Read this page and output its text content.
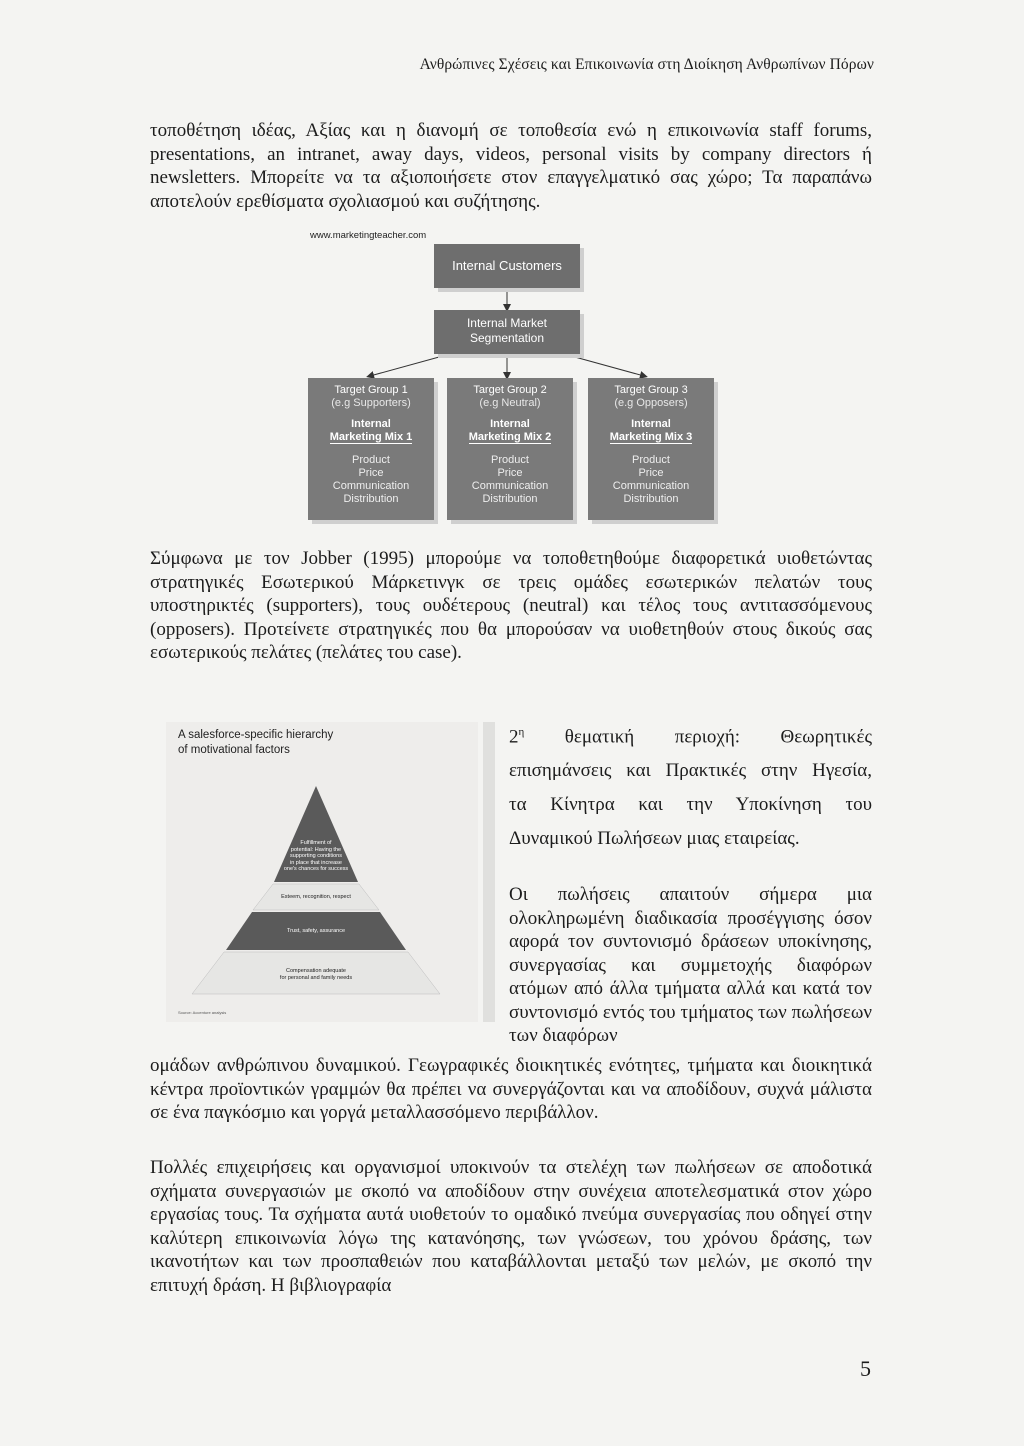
Ανθρώπινες Σχέσεις και Επικοινωνία στη Διοίκηση Ανθρωπίνων Πόρων

τοποθέτηση ιδέας, Αξίας και η διανομή σε τοποθεσία ενώ η επικοινωνία staff forums, presentations, an intranet, away days, videos, personal visits by company directors ή newsletters. Μπορείτε να τα αξιοποιήσετε στον επαγγελματικό σας χώρο; Τα παραπάνω αποτελούν ερεθίσματα σχολιασμού και συζήτησης.

www.marketingteacher.com
Internal Customers
Internal Market
Segmentation
Target Group 1
(e.g Supporters)
Internal
Marketing Mix 1
Product
Price
Communication
Distribution
Target Group 2
(e.g Neutral)
Internal
Marketing Mix 2
Product
Price
Communication
Distribution
Target Group 3
(e.g Opposers)
Internal
Marketing Mix 3
Product
Price
Communication
Distribution

Σύμφωνα με τον Jobber (1995) μπορούμε να τοποθετηθούμε διαφορετικά υιοθετώντας στρατηγικές Εσωτερικού Μάρκετινγκ σε τρεις ομάδες εσωτερικών πελατών τους υποστηρικτές (supporters), τους ουδέτερους (neutral) και τέλος τους αντιτασσόμενους (opposers). Προτείνετε στρατηγικές που θα μπορούσαν να υιοθετηθούν στους δικούς σας εσωτερικούς πελάτες (πελάτες του case).

A salesforce-specific hierarchy
of motivational factors
Fulfillment of
potential: Having the
supporting conditions
in place that increase
one's chances for success
Esteem, recognition, respect
Trust, safety, assurance
Compensation adequate
for personal and family needs
Source: Accenture analysis
$2^\eta$ θεματική περιοχή: Θεωρητικές
επισημάνσεις και Πρακτικές στην Ηγεσία,
τα Κίνητρα και την Υποκίνηση του
Δυναμικού Πωλήσεων μιας εταιρείας.
Οι πωλήσεις απαιτούν σήμερα μια ολοκληρωμένη διαδικασία προσέγγισης όσον αφορά τον συντονισμό δράσεων υποκίνησης, συνεργασίας και συμμετοχής διαφόρων ατόμων από άλλα τμήματα αλλά και κατά τον συντονισμό εντός του τμήματος των πωλήσεων των διαφόρων

ομάδων ανθρώπινου δυναμικού. Γεωγραφικές διοικητικές ενότητες, τμήματα και διοικητικά κέντρα προϊοντικών γραμμών θα πρέπει να συνεργάζονται και να αποδίδουν, συχνά μάλιστα σε ένα παγκόσμιο και γοργά μεταλλασσόμενο περιβάλλον.

Πολλές επιχειρήσεις και οργανισμοί υποκινούν τα στελέχη των πωλήσεων σε αποδοτικά σχήματα συνεργασιών με σκοπό να αποδίδουν στην συνέχεια αποτελεσματικά στον χώρο εργασίας τους. Τα σχήματα αυτά υιοθετούν το ομαδικό πνεύμα συνεργασίας που οδηγεί στην καλύτερη επικοινωνία λόγω της κατανόησης, των γνώσεων, του χρόνου δράσης, των ικανοτήτων και των προσπαθειών που καταβάλλονται μεταξύ των μελών, με σκοπό την επιτυχή δράση. Η βιβλιογραφία

5
